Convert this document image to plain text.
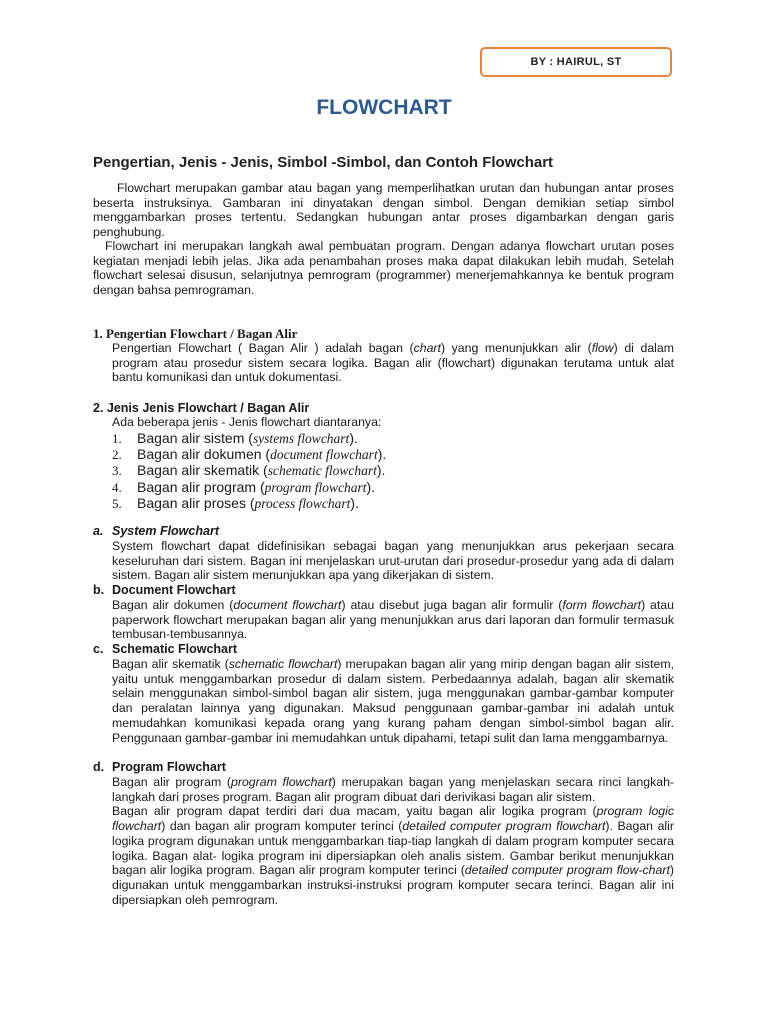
BY : HAIRUL, ST
FLOWCHART
Pengertian, Jenis - Jenis, Simbol -Simbol, dan Contoh Flowchart
Flowchart merupakan gambar atau bagan yang memperlihatkan urutan dan hubungan antar proses beserta instruksinya. Gambaran ini dinyatakan dengan simbol. Dengan demikian setiap simbol menggambarkan proses tertentu. Sedangkan hubungan antar proses digambarkan dengan garis penghubung.
Flowchart ini merupakan langkah awal pembuatan program. Dengan adanya flowchart urutan poses kegiatan menjadi lebih jelas. Jika ada penambahan proses maka dapat dilakukan lebih mudah. Setelah flowchart selesai disusun, selanjutnya pemrogram (programmer) menerjemahkannya ke bentuk program dengan bahsa pemrograman.
1. Pengertian Flowchart / Bagan Alir
Pengertian Flowchart ( Bagan Alir ) adalah bagan (chart) yang menunjukkan alir (flow) di dalam program atau prosedur sistem secara logika. Bagan alir (flowchart) digunakan terutama untuk alat bantu komunikasi dan untuk dokumentasi.
2. Jenis Jenis Flowchart / Bagan Alir
Ada beberapa jenis - Jenis flowchart diantaranya:
1. Bagan alir sistem (systems flowchart).
2. Bagan alir dokumen (document flowchart).
3. Bagan alir skematik (schematic flowchart).
4. Bagan alir program (program flowchart).
5. Bagan alir proses (process flowchart).
a. System Flowchart
System flowchart dapat didefinisikan sebagai bagan yang menunjukkan arus pekerjaan secara keseluruhan dari sistem. Bagan ini menjelaskan urut-urutan dari prosedur-prosedur yang ada di dalam sistem. Bagan alir sistem menunjukkan apa yang dikerjakan di sistem.
b. Document Flowchart
Bagan alir dokumen (document flowchart) atau disebut juga bagan alir formulir (form flowchart) atau paperwork flowchart merupakan bagan alir yang menunjukkan arus dari laporan dan formulir termasuk tembusan-tembusannya.
c. Schematic Flowchart
Bagan alir skematik (schematic flowchart) merupakan bagan alir yang mirip dengan bagan alir sistem, yaitu untuk menggambarkan prosedur di dalam sistem. Perbedaannya adalah, bagan alir skematik selain menggunakan simbol-simbol bagan alir sistem, juga menggunakan gambar-gambar komputer dan peralatan lainnya yang digunakan. Maksud penggunaan gambar-gambar ini adalah untuk memudahkan komunikasi kepada orang yang kurang paham dengan simbol-simbol bagan alir. Penggunaan gambar-gambar ini memudahkan untuk dipahami, tetapi sulit dan lama menggambarnya.
d. Program Flowchart
Bagan alir program (program flowchart) merupakan bagan yang menjelaskan secara rinci langkah-langkah dari proses program. Bagan alir program dibuat dari derivikasi bagan alir sistem.
Bagan alir program dapat terdiri dari dua macam, yaitu bagan alir logika program (program logic flowchart) dan bagan alir program komputer terinci (detailed computer program flowchart). Bagan alir logika program digunakan untuk menggambarkan tiap-tiap langkah di dalam program komputer secara logika. Bagan alat- logika program ini dipersiapkan oleh analis sistem. Gambar berikut menunjukkan bagan alir logika program. Bagan alir program komputer terinci (detailed computer program flow-chart) digunakan untuk menggambarkan instruksi-instruksi program komputer secara terinci. Bagan alir ini dipersiapkan oleh pemrogram.
